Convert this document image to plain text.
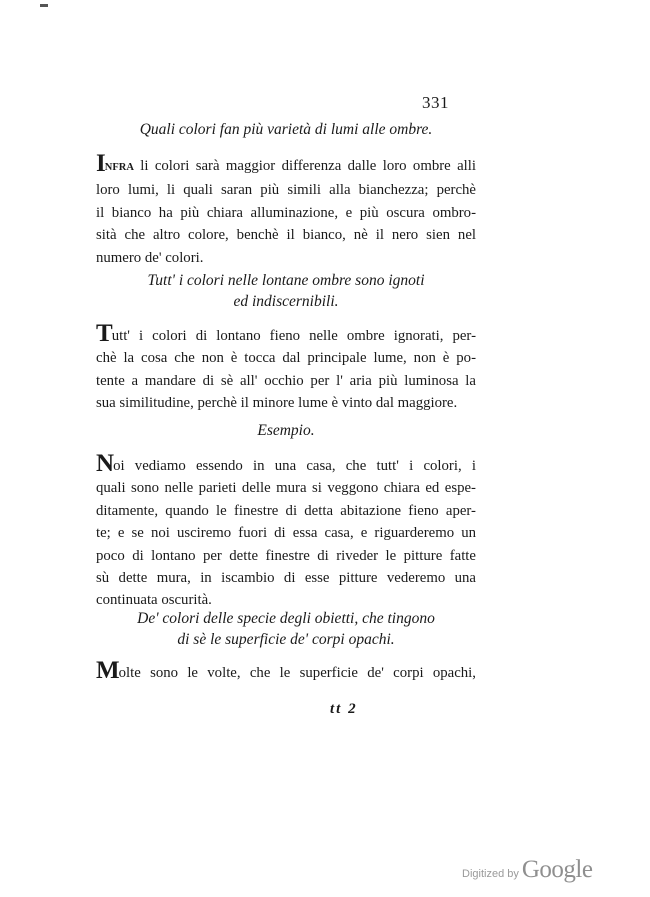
331

Quali colori fan più varietà di lumi alle ombre.

INFRA li colori sarà maggior differenza dalle loro ombre alli
loro lumi, li quali saran più simili alla bianchezza; perchè
il bianco ha più chiara alluminazione, e più oscura ombro-
sità che altro colore, benchè il bianco, nè il nero sien nel
numero de' colori.

Tutt' i colori nelle lontane ombre sono ignoti
ed indiscernibili.

Tutt' i colori di lontano fieno nelle ombre ignorati, per-
chè la cosa che non è tocca dal principale lume, non è po-
tente a mandare di sè all' occhio per l' aria più luminosa la
sua similitudine, perchè il minore lume è vinto dal maggiore.

Esempio.

Noi vediamo essendo in una casa, che tutt' i colori, i
quali sono nelle parieti delle mura si veggono chiara ed espe-
ditamente, quando le finestre di detta abitazione fieno aper-
te; e se noi usciremo fuori di essa casa, e riguarderemo un
poco di lontano per dette finestre di riveder le pitture fatte
sù dette mura, in iscambio di esse pitture vederemo una
continuata oscurità.

De' colori delle specie degli obietti, che tingono
di sè le superficie de' corpi opachi.

Molte sono le volte, che le superficie de' corpi opachi,

tt 2
Digitized by Google
